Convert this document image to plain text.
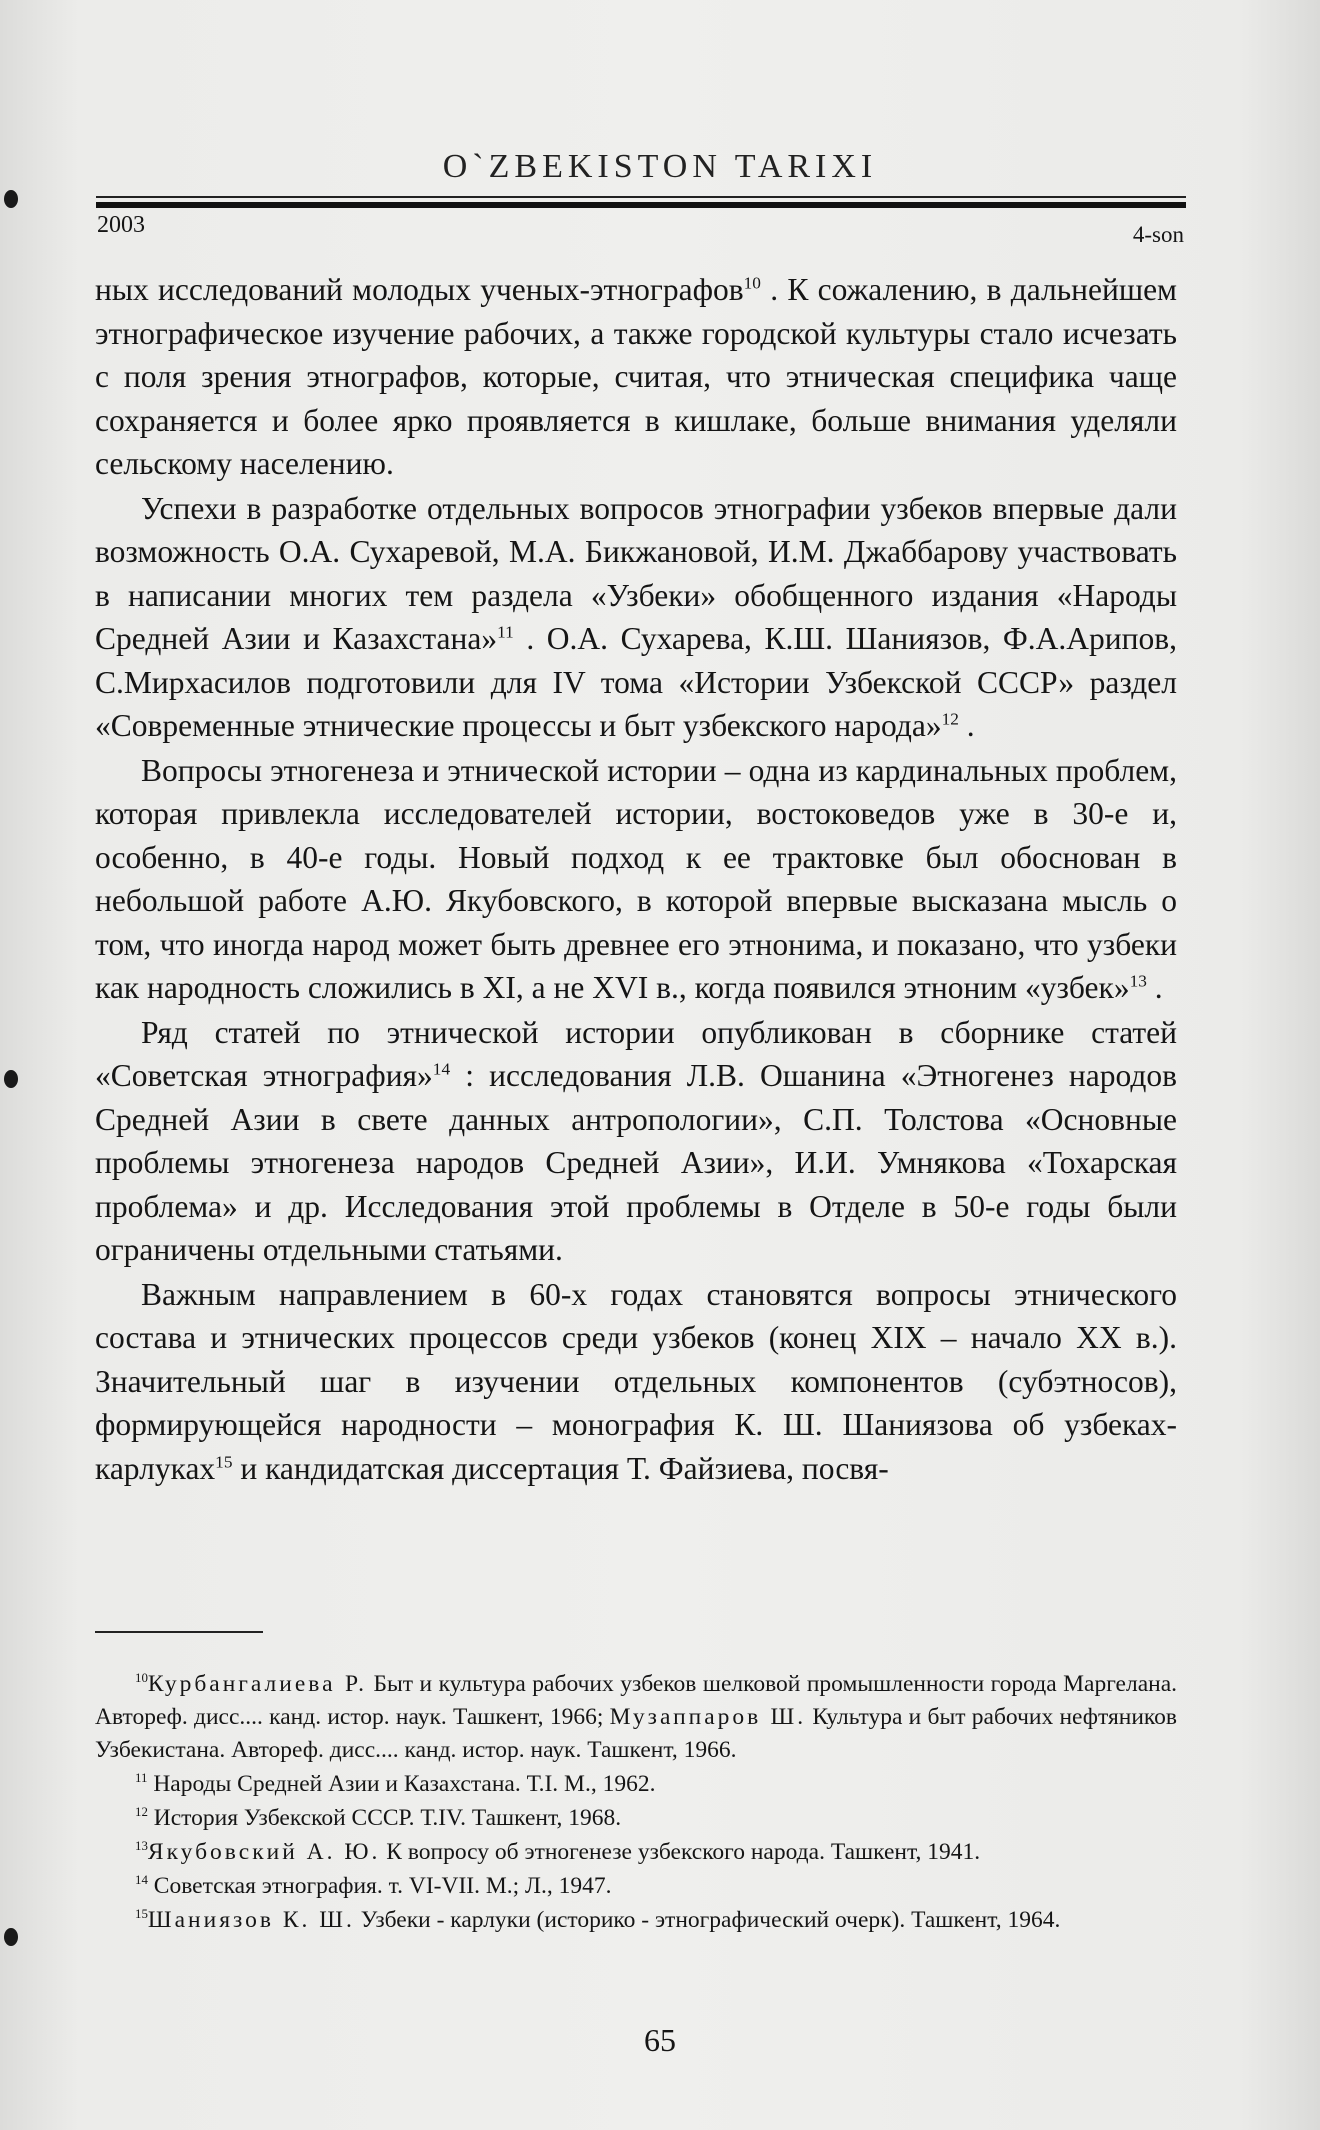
O`ZBEKISTON TARIXI
2003	4-son

ных исследований молодых ученых-этнографов$^{10}$ . К сожалению, в дальнейшем этнографическое изучение рабочих, а также городской культуры стало исчезать с поля зрения этнографов, которые, считая, что этническая специфика чаще сохраняется и более ярко проявляется в кишлаке, больше внимания уделяли сельскому населению.

Успехи в разработке отдельных вопросов этнографии узбеков впервые дали возможность О.А. Сухаревой, М.А. Бикжановой, И.М. Джаббарову участвовать в написании многих тем раздела «Узбеки» обобщенного издания «Народы Средней Азии и Казахстана»$^{11}$ . О.А. Сухарева, К.Ш. Шаниязов, Ф.А.Арипов, С.Мирхасилов подготовили для IV тома «Истории Узбекской СССР» раздел «Современные этнические процессы и быт узбекского народа»$^{12}$ .

Вопросы этногенеза и этнической истории – одна из кардинальных проблем, которая привлекла исследователей истории, востоковедов уже в 30-е и, особенно, в 40-е годы. Новый подход к ее трактовке был обоснован в небольшой работе А.Ю. Якубовского, в которой впервые высказана мысль о том, что иногда народ может быть древнее его этнонима, и показано, что узбеки как народность сложились в XI, а не XVI в., когда появился этноним «узбек»$^{13}$ .

Ряд статей по этнической истории опубликован в сборнике статей «Советская этнография»$^{14}$ : исследования Л.В. Ошанина «Этногенез народов Средней Азии в свете данных антропологии», С.П. Толстова «Основные проблемы этногенеза народов Средней Азии», И.И. Умнякова «Тохарская проблема» и др. Исследования этой проблемы в Отделе в 50-е годы были ограничены отдельными статьями.

Важным направлением в 60-х годах становятся вопросы этнического состава и этнических процессов среди узбеков (конец XIX – начало XX в.). Значительный шаг в изучении отдельных компонентов (субэтносов), формирующейся народности – монография К. Ш. Шаниязова об узбеках-карлуках$^{15}$ и кандидатская диссертация Т. Файзиева, посвя-

$^{10}$Курбангалиева Р. Быт и культура рабочих узбеков шелковой промышленности города Маргелана. Автореф. дисс.... канд. истор. наук. Ташкент, 1966; Музаппаров Ш. Культура и быт рабочих нефтяников Узбекистана. Автореф. дисс.... канд. истор. наук. Ташкент, 1966.

$^{11}$ Народы Средней Азии и Казахстана. Т.I. М., 1962.

$^{12}$ История Узбекской СССР. Т.IV. Ташкент, 1968.

$^{13}$Якубовский А. Ю. К вопросу об этногенезе узбекского народа. Ташкент, 1941.

$^{14}$ Советская этнография. т. VI-VII. М.; Л., 1947.

$^{15}$Шаниязов К. Ш. Узбеки - карлуки (историко - этнографический очерк). Ташкент, 1964.

65
